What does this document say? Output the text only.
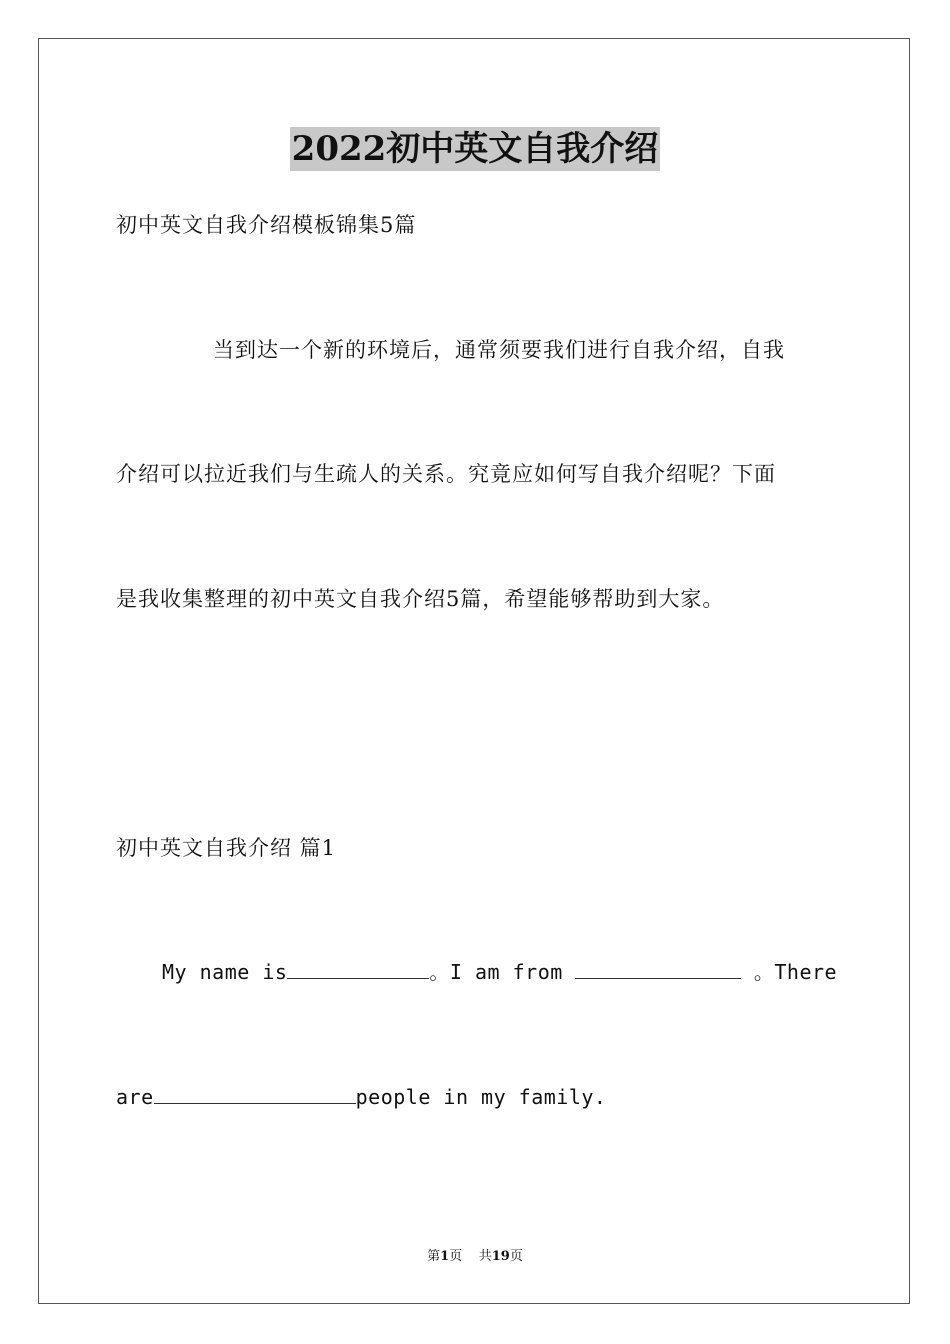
2022初中英文自我介绍
初中英文自我介绍模板锦集5篇
当到达一个新的环境后，通常须要我们进行自我介绍，自我
介绍可以拉近我们与生疏人的关系。究竟应如何写自我介绍呢？下面
是我收集整理的初中英文自我介绍5篇，希望能够帮助到大家。
初中英文自我介绍 篇1
My name is	。I am from	。There
are	people in my family.
第1页 共19页
